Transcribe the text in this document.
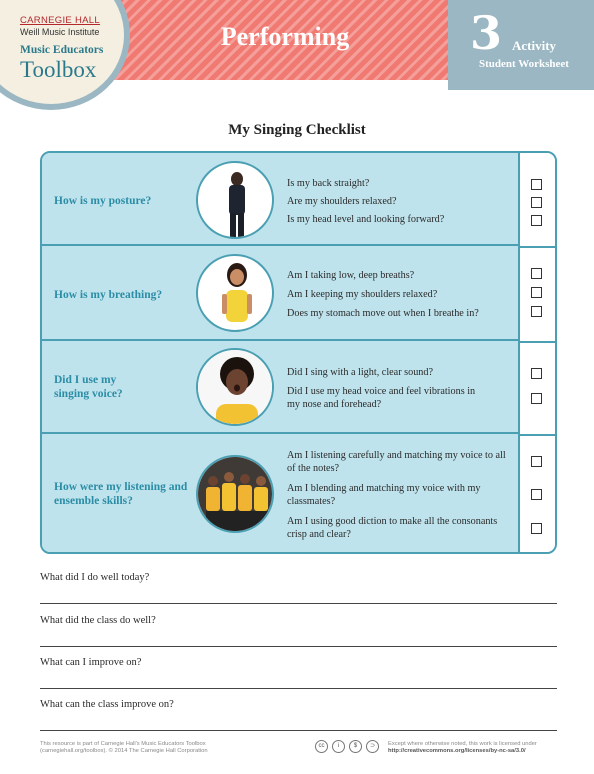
Performing	3 Activity
Student Worksheet
CARNEGIE HALL
Weill Music Institute
Music Educators
Toolbox
My Singing Checklist
How is my posture?
Is my back straight?
Are my shoulders relaxed?
Is my head level and looking forward?
How is my breathing?
Am I taking low, deep breaths?
Am I keeping my shoulders relaxed?
Does my stomach move out when I breathe in?
Did I use my singing voice?
Did I sing with a light, clear sound?
Did I use my head voice and feel vibrations in my nose and forehead?
How were my listening and ensemble skills?
Am I listening carefully and matching my voice to all of the notes?
Am I blending and matching my voice with my classmates?
Am I using good diction to make all the consonants crisp and clear?
What did I do well today?
What did the class do well?
What can I improve on?
What can the class improve on?
This resource is part of Carnegie Hall's Music Educators Toolbox
(carnegiehall.org/toolbox). © 2014 The Carnegie Hall Corporation
cc	i	$	⊃	Except where otherwise noted, this work is licensed under
http://creativecommons.org/licenses/by-nc-sa/3.0/
